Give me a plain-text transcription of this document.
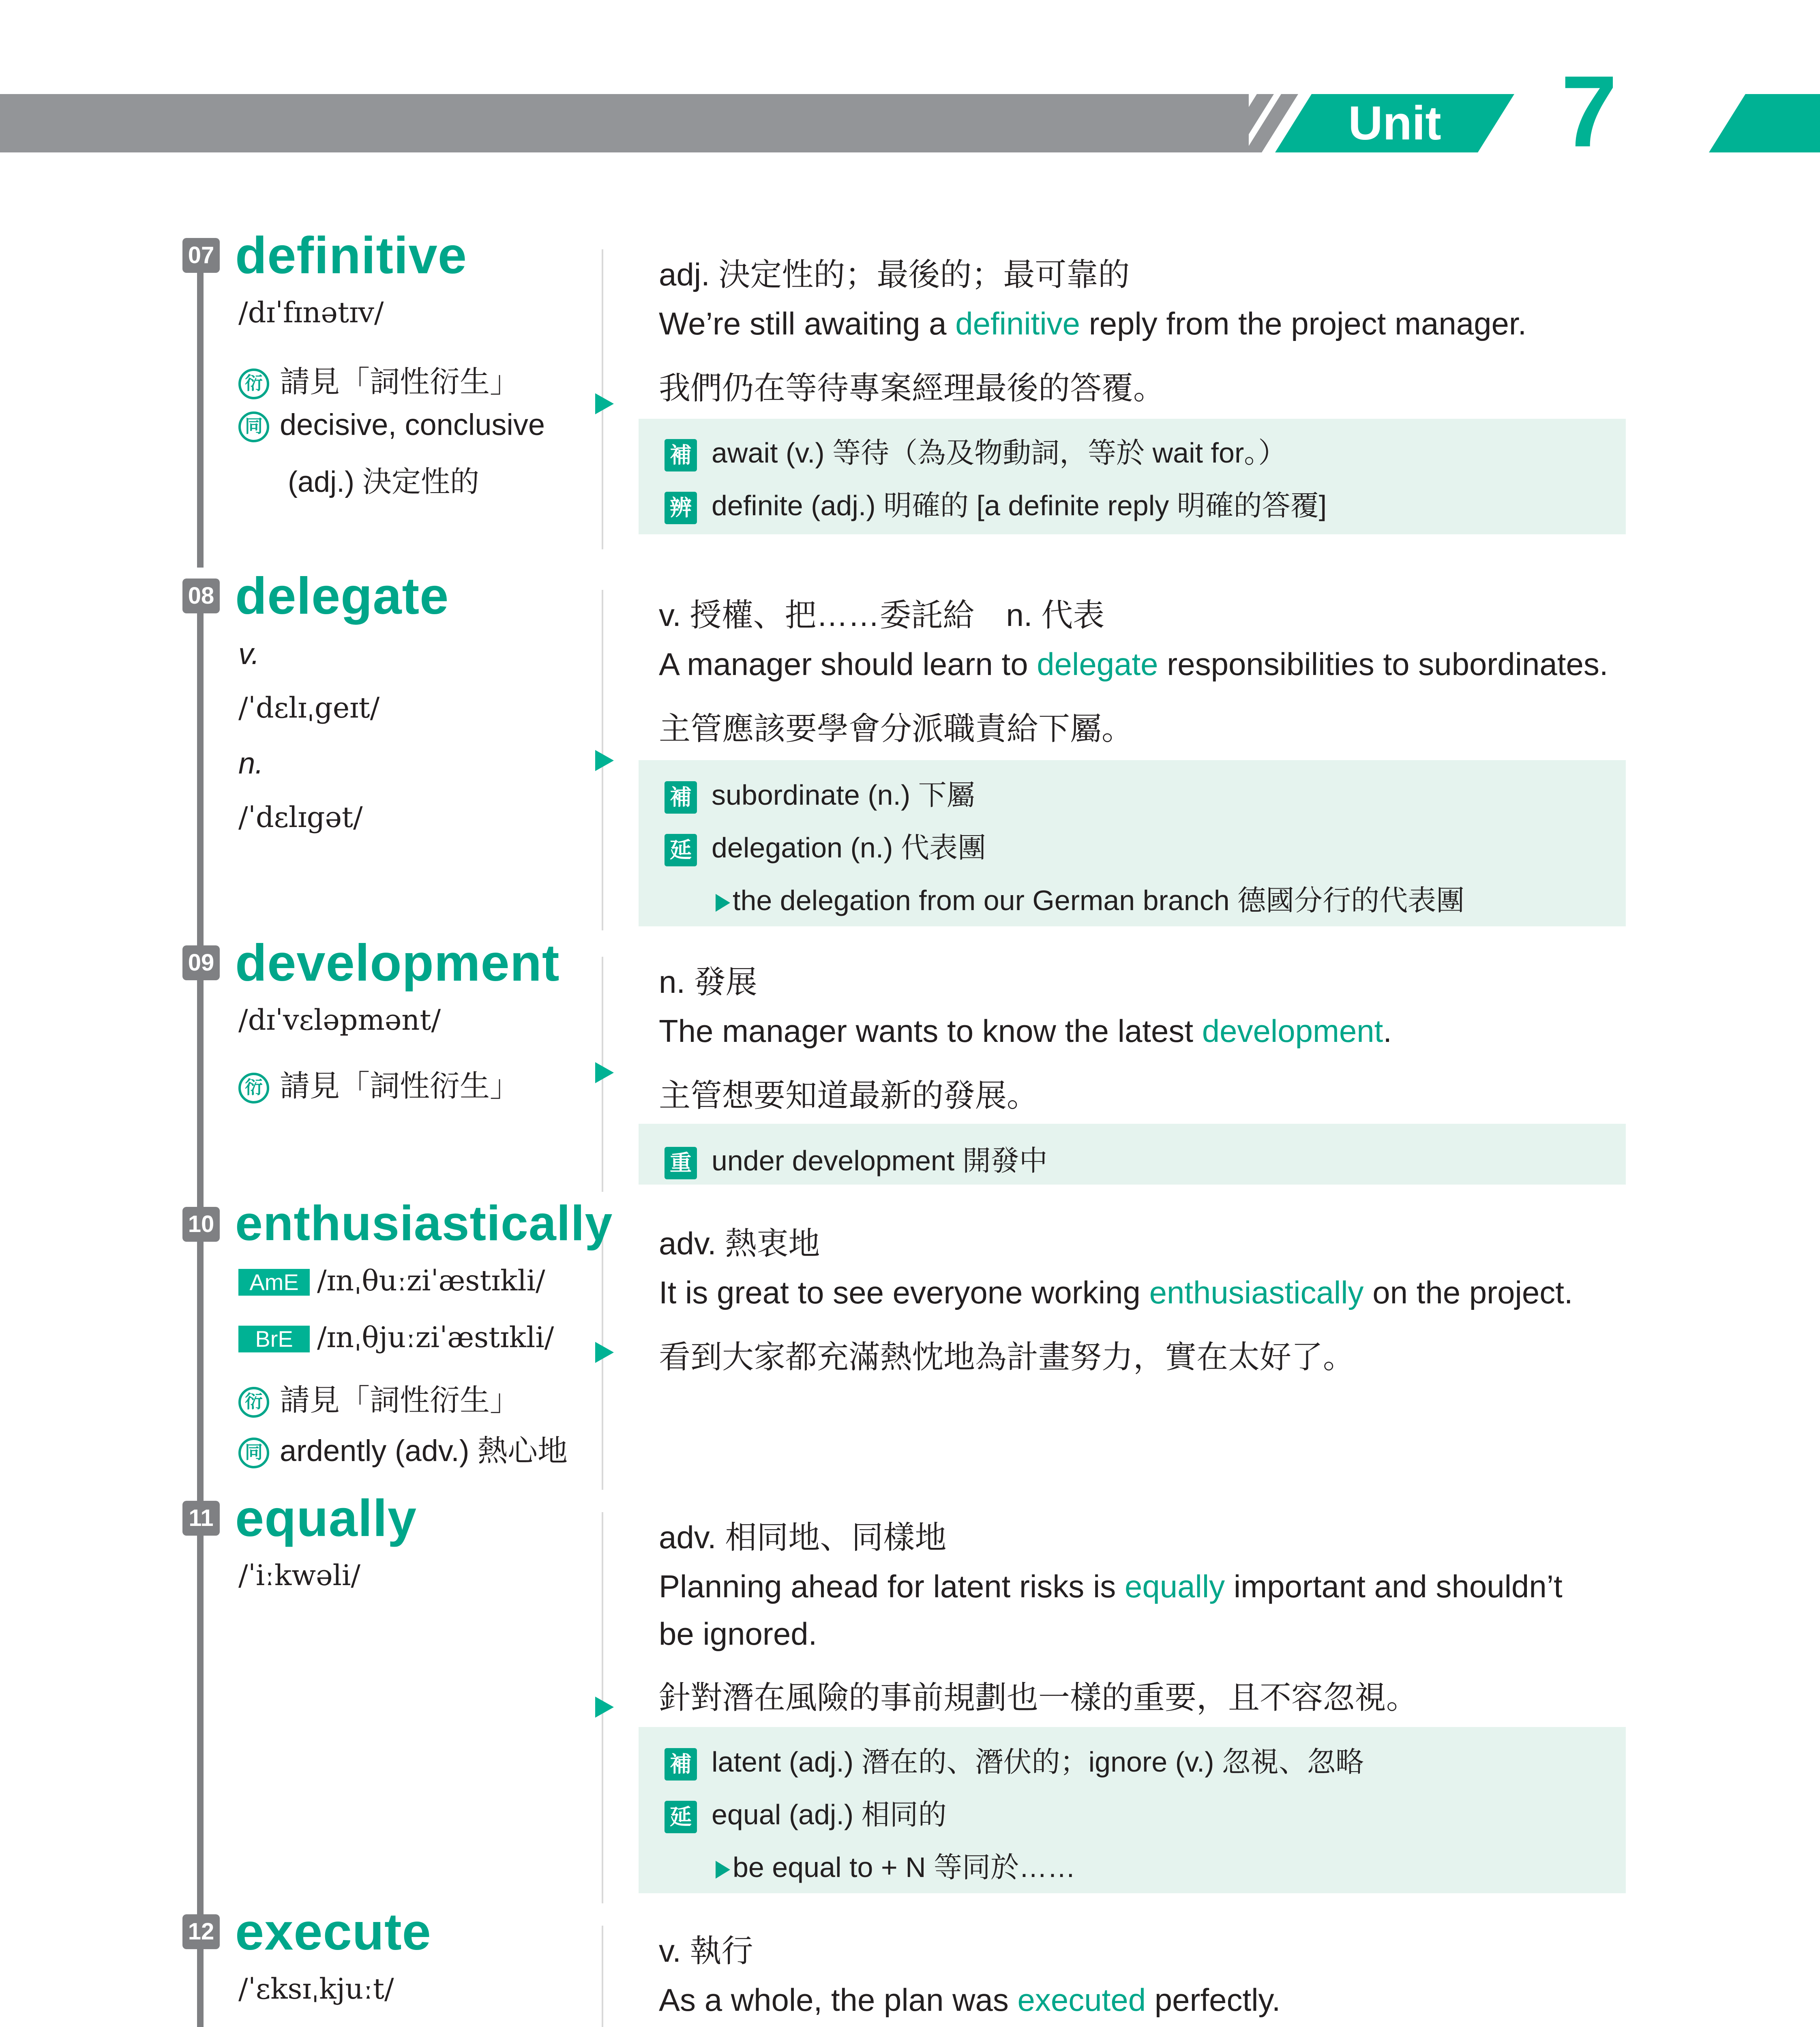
Unit	7
07 definitive
/dɪˈfɪnətɪv/
衍 請見「詞性衍生」
同 decisive, conclusive
(adj.) 決定性的
adj. 決定性的；最後的；最可靠的
We’re still awaiting a definitive reply from the project manager.
我們仍在等待專案經理最後的答覆。
補 await (v.) 等待（為及物動詞，等於 wait for。）
辨 definite (adj.) 明確的 [a definite reply 明確的答覆]
08 delegate
v.
/ˈdɛlɪˌgeɪt/
n.
/ˈdɛlɪgət/
v. 授權、把……委託給　n. 代表
A manager should learn to delegate responsibilities to subordinates.
主管應該要學會分派職責給下屬。
補 subordinate (n.) 下屬
延 delegation (n.) 代表團
the delegation from our German branch 德國分行的代表團
09 development
/dɪˈvɛləpmənt/
衍 請見「詞性衍生」
n. 發展
The manager wants to know the latest development.
主管想要知道最新的發展。
重 under development 開發中
10 enthusiastically
AmE /ɪnˌθuːziˈæstɪkli/
BrE /ɪnˌθjuːziˈæstɪkli/
衍 請見「詞性衍生」
同 ardently (adv.) 熱心地
adv. 熱衷地
It is great to see everyone working enthusiastically on the project.
看到大家都充滿熱忱地為計畫努力，實在太好了。
11 equally
/ˈiːkwəli/
adv. 相同地、同樣地
Planning ahead for latent risks is equally important and shouldn’t
be ignored.
針對潛在風險的事前規劃也一樣的重要，且不容忽視。
補 latent (adj.) 潛在的、潛伏的；ignore (v.) 忽視、忽略
延 equal (adj.) 相同的
be equal to + N 等同於……
12 execute
/ˈɛksɪˌkjuːt/
v. 執行
As a whole, the plan was executed perfectly.
